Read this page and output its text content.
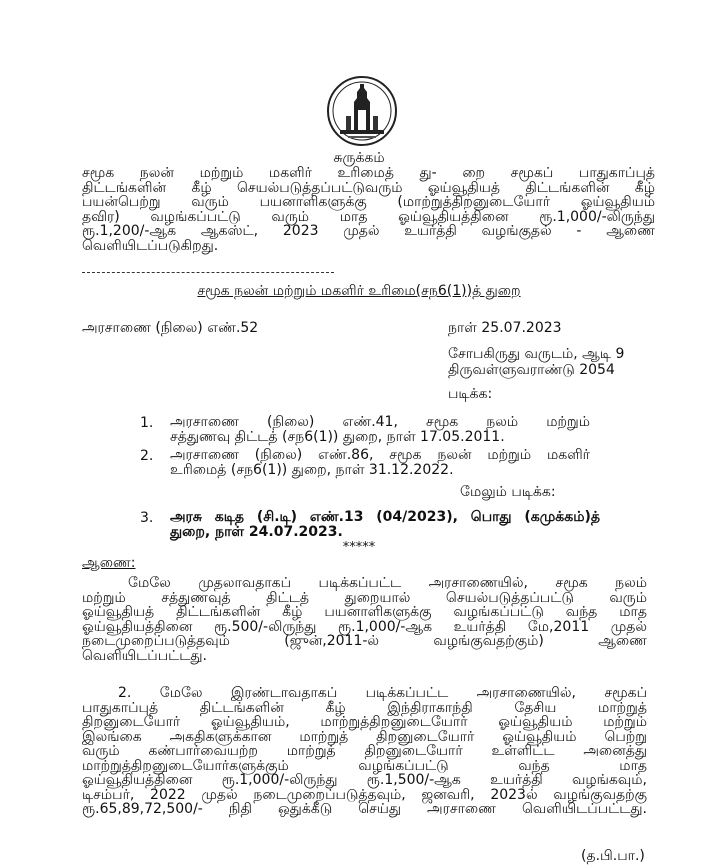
சுருக்கம்
சமூக நலன் மற்றும் மகளிர் உரிமைத் து- றை சமூகப் பாதுகாப்புத்
திட்டங்களின் கீழ் செயல்படுத்தப்பட்டுவரும் ஓய்வூதியத் திட்டங்களின் கீழ்
பயன்பெற்று வரும் பயனாளிகளுக்கு (மாற்றுத்திறனுடையோர் ஓய்வூதியம்
தவிர) வழங்கப்பட்டு வரும் மாத ஓய்வூதியத்தினை ரூ.1,000/-லிருந்து
ரூ.1,200/-ஆக ஆகஸ்ட், 2023 முதல் உயர்த்தி வழங்குதல் - ஆணை
வெளியிடப்படுகிறது.
சமூக நலன் மற்றும் மகளிர் உரிமை(சந6(1))த் துறை
அரசாணை (நிலை) எண்.52	நாள் 25.07.2023
சோபகிருது வருடம், ஆடி 9
திருவள்ளுவராண்டு 2054
படிக்க:
1. அரசாணை (நிலை) எண்.41, சமூக நலம் மற்றும்
சத்துணவு திட்டத் (சந6(1)) துறை, நாள் 17.05.2011.
2. அரசாணை (நிலை) எண்.86, சமூக நலன் மற்றும் மகளிர்
உரிமைத் (சந6(1)) துறை, நாள் 31.12.2022.
மேலும் படிக்க:
3. அரசு கடித (சி.டி) எண்.13 (04/2023), பொது (கமுக்கம்)த்
துறை, நாள் 24.07.2023.
*****
ஆணை:
மேலே முதலாவதாகப் படிக்கப்பட்ட அரசாணையில், சமூக நலம்
மற்றும் சத்துணவுத் திட்டத் துறையால் செயல்படுத்தப்பட்டு வரும்
ஓய்வூதியத் திட்டங்களின் கீழ் பயனாளிகளுக்கு வழங்கப்பட்டு வந்த மாத
ஓய்வூதியத்தினை ரூ.500/-லிருந்து ரூ.1,000/-ஆக உயர்த்தி மே,2011 முதல்
நடைமுறைப்படுத்தவும் (ஜுன்,2011-ல் வழங்குவதற்கும்) ஆணை
வெளியிடப்பட்டது.
2. மேலே இரண்டாவதாகப் படிக்கப்பட்ட அரசாணையில், சமூகப்
பாதுகாப்புத் திட்டங்களின் கீழ் இந்திராகாந்தி தேசிய மாற்றுத்
திறனுடையோர் ஓய்வூதியம், மாற்றுத்திறனுடையோர் ஓய்வூதியம் மற்றும்
இலங்கை அகதிகளுக்கான மாற்றுத் திறனுடையோர் ஓய்வூதியம் பெற்று
வரும் கண்பார்வையற்ற மாற்றுத் திறனுடையோர் உள்ளிட்ட அனைத்து
மாற்றுத்திறனுடையோர்களுக்கும் வழங்கப்பட்டு வந்த மாத
ஓய்வூதியத்தினை ரூ.1,000/-லிருந்து ரூ.1,500/-ஆக உயர்த்தி வழங்கவும்,
டிசம்பர், 2022 முதல் நடைமுறைப்படுத்தவும், ஜனவரி, 2023ல் வழங்குவதற்கு
ரூ.65,89,72,500/- நிதி ஒதுக்கீடு செய்து அரசாணை வெளியிடப்பட்டது.
(த.பி.பா.)
